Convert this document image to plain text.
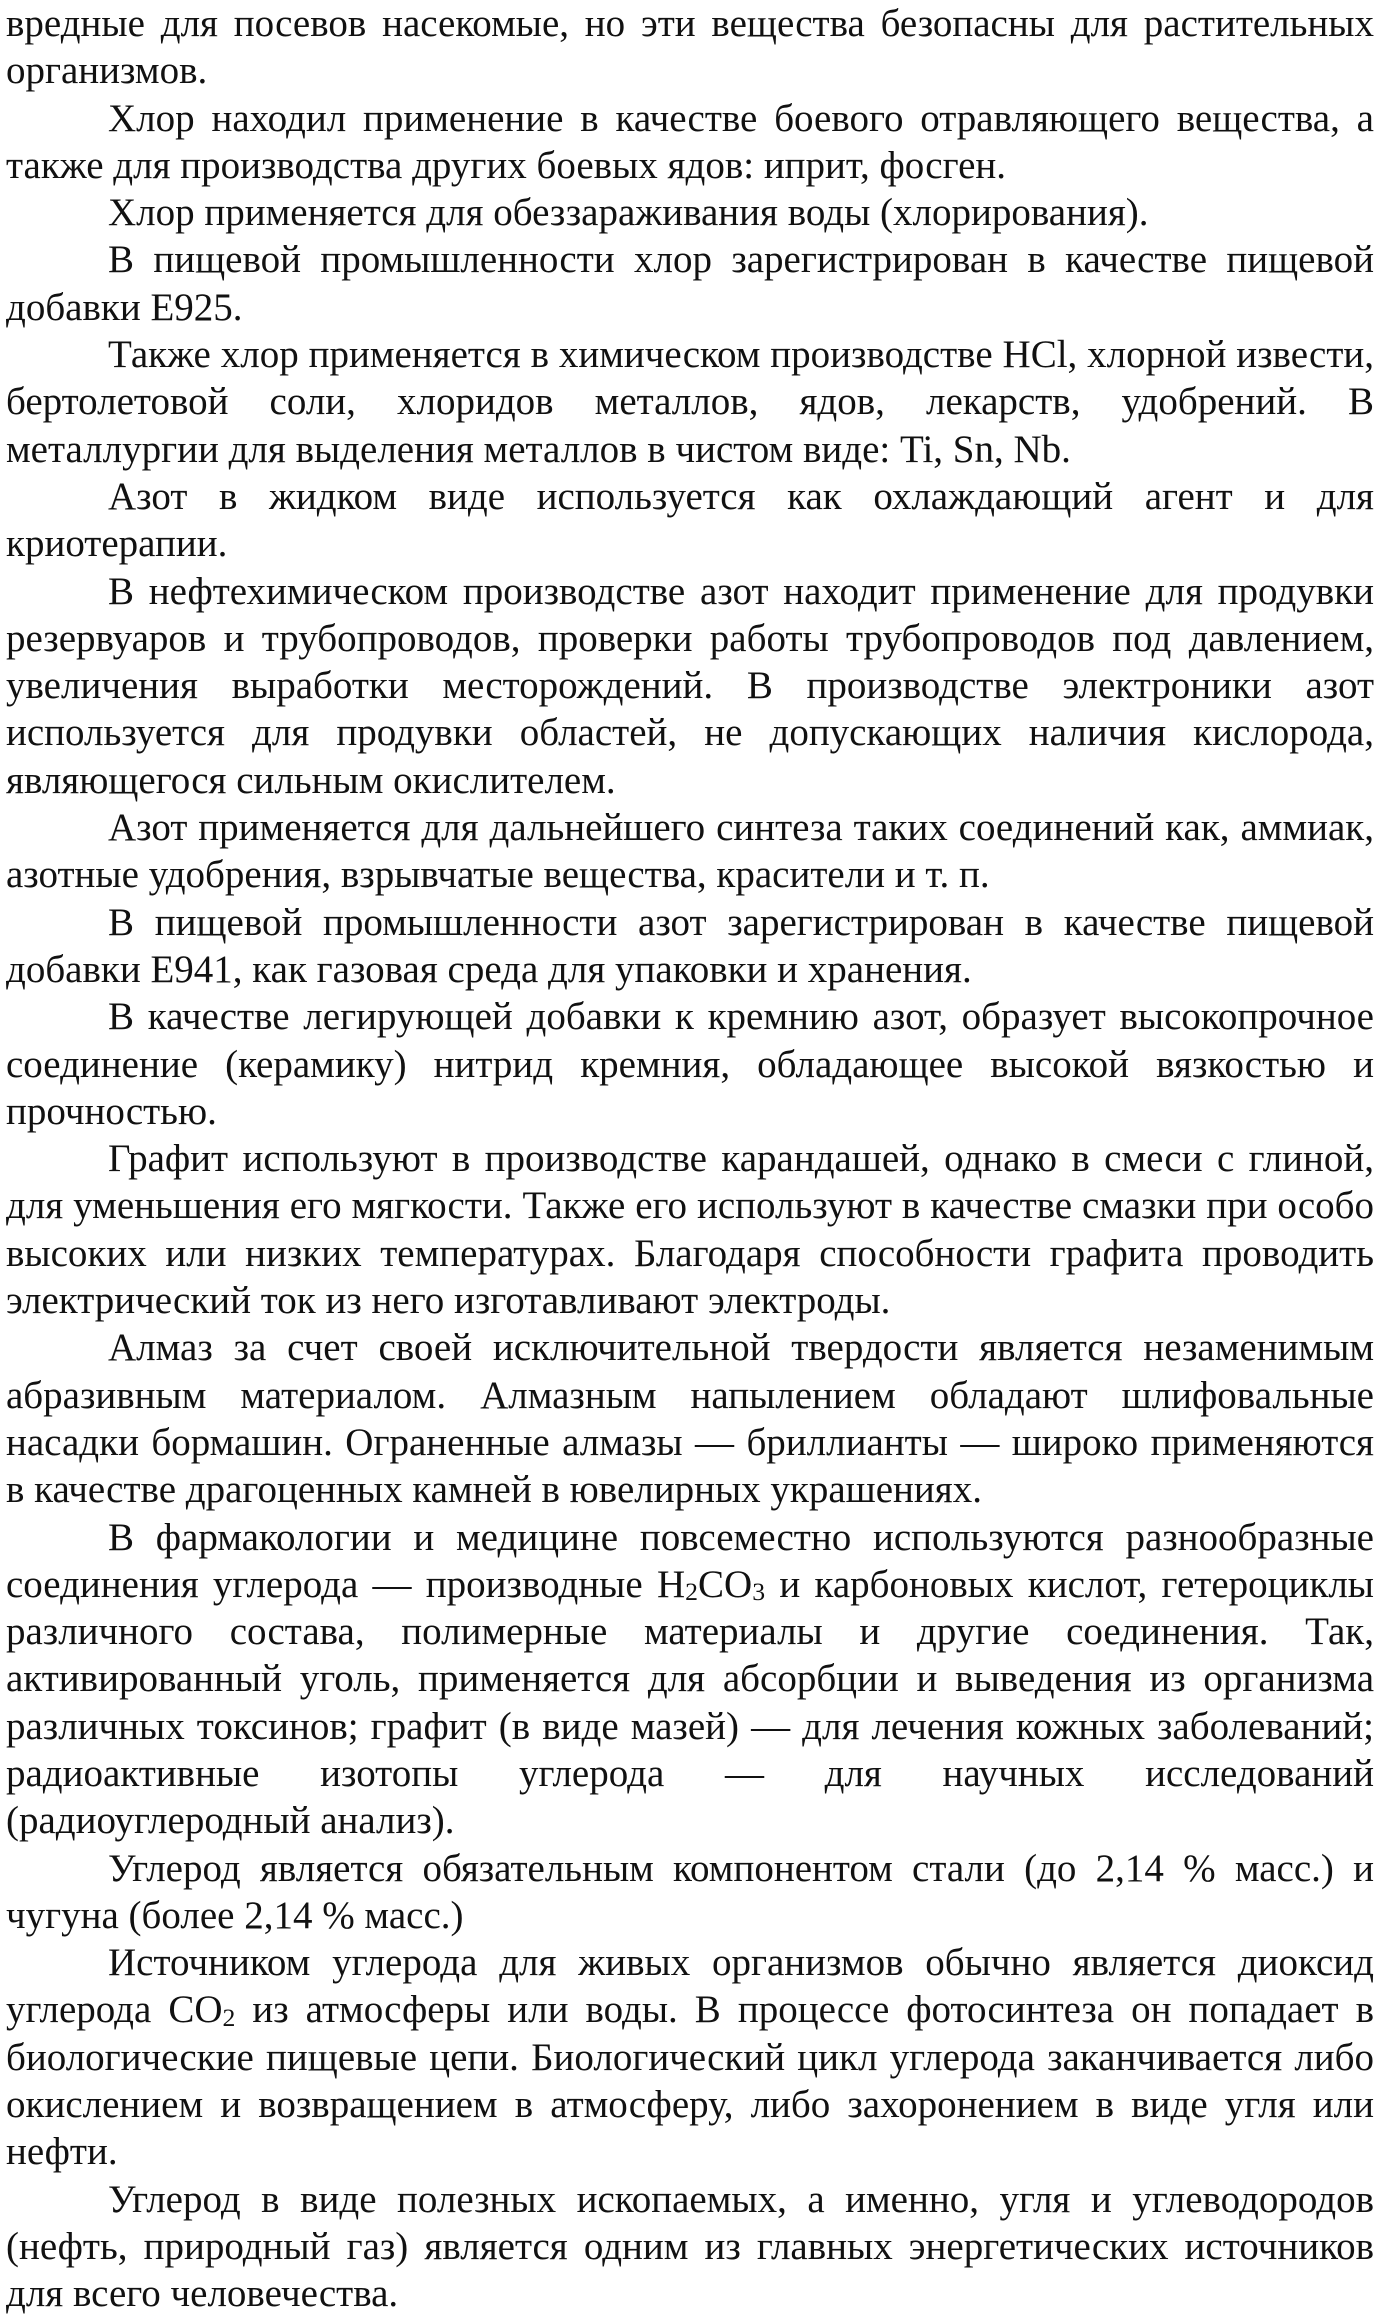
вредные для посевов насекомые, но эти вещества безопасны для растительных организмов.

Хлор находил применение в качестве боевого отравляющего вещества, а также для производства других боевых ядов: иприт, фосген.

Хлор применяется для обеззараживания воды (хлорирования).

В пищевой промышленности хлор зарегистрирован в качестве пищевой добавки E925.

Также хлор применяется в химическом производстве HCl, хлорной извести, бертолетовой соли, хлоридов металлов, ядов, лекарств, удобрений. В металлургии для выделения металлов в чистом виде: Ti, Sn, Nb.

Азот в жидком виде используется как охлаждающий агент и для криотерапии.

В нефтехимическом производстве азот находит применение для продувки резервуаров и трубопроводов, проверки работы трубопроводов под давлением, увеличения выработки месторождений. В производстве электроники азот используется для продувки областей, не допускающих наличия кислорода, являющегося сильным окислителем.

Азот применяется для дальнейшего синтеза таких соединений как, аммиак, азотные удобрения, взрывчатые вещества, красители и т. п.

В пищевой промышленности азот зарегистрирован в качестве пищевой добавки E941, как газовая среда для упаковки и хранения.

В качестве легирующей добавки к кремнию азот, образует высокопрочное соединение (керамику) нитрид кремния, обладающее высокой вязкостью и прочностью.

Графит используют в производстве карандашей, однако в смеси с глиной, для уменьшения его мягкости. Также его используют в качестве смазки при особо высоких или низких температурах. Благодаря способности графита проводить электрический ток из него изготавливают электроды.

Алмаз за счет своей исключительной твердости является незаменимым абразивным материалом. Алмазным напылением обладают шлифовальные насадки бормашин. Ограненные алмазы — бриллианты — широко применяются в качестве драгоценных камней в ювелирных украшениях.

В фармакологии и медицине повсеместно используются разнообразные соединения углерода — производные $H_2CO_3$ и карбоновых кислот, гетероциклы различного состава, полимерные материалы и другие соединения. Так, активированный уголь, применяется для абсорбции и выведения из организма различных токсинов; графит (в виде мазей) — для лечения кожных заболеваний; радиоактивные изотопы углерода — для научных исследований (радиоуглеродный анализ).

Углерод является обязательным компонентом стали (до 2,14 % масс.) и чугуна (более 2,14 % масс.)

Источником углерода для живых организмов обычно является диоксид углерода $CO_2$ из атмосферы или воды. В процессе фотосинтеза он попадает в биологические пищевые цепи. Биологический цикл углерода заканчивается либо окислением и возвращением в атмосферу, либо захоронением в виде угля или нефти.

Углерод в виде полезных ископаемых, а именно, угля и углеводородов (нефть, природный газ) является одним из главных энергетических источников для всего человечества.
